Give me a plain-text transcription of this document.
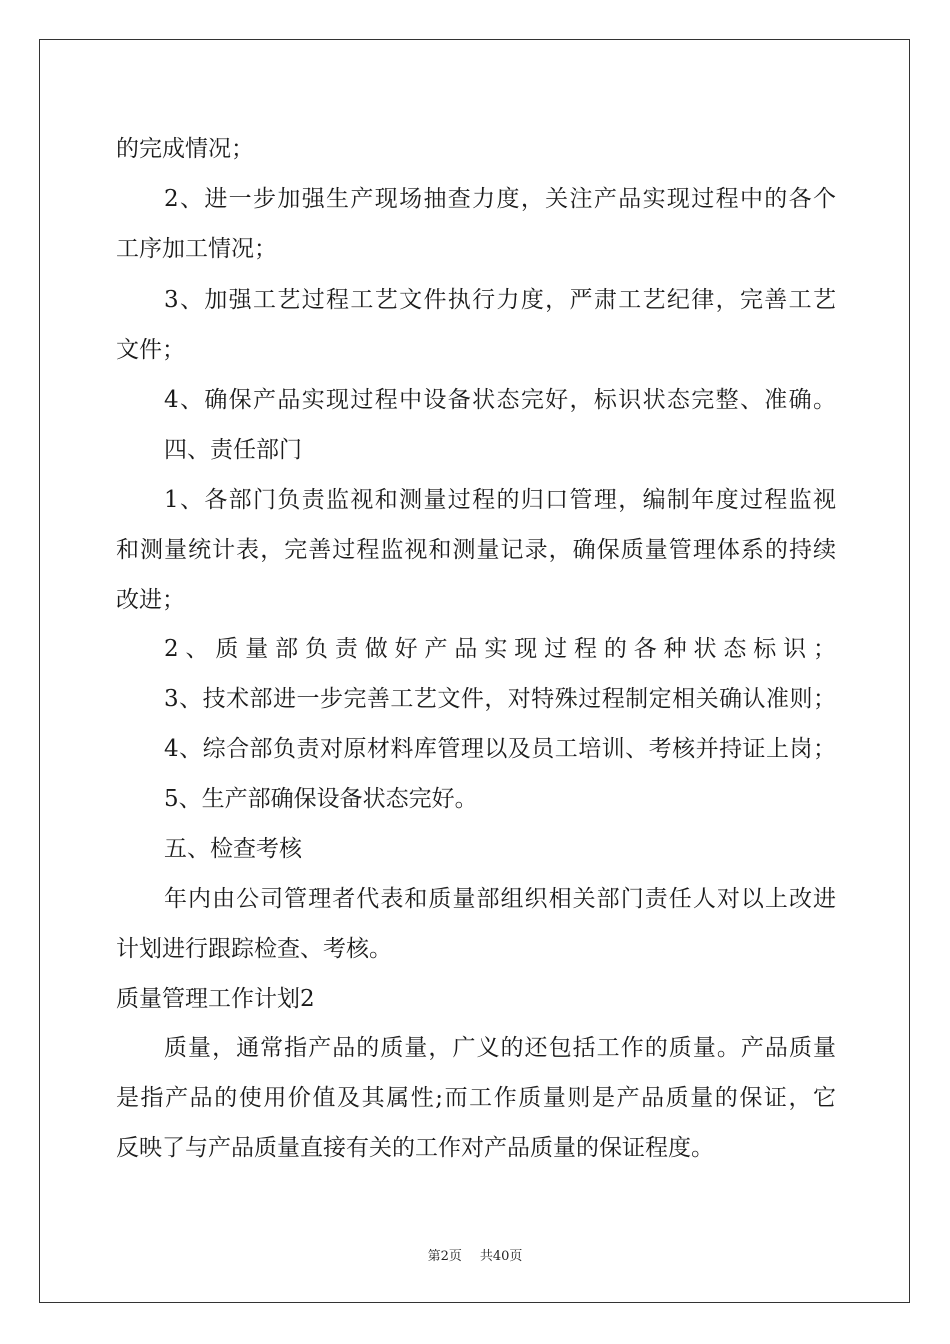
的完成情况；

2、进一步加强生产现场抽查力度，关注产品实现过程中的各个

工序加工情况；

3、加强工艺过程工艺文件执行力度，严肃工艺纪律，完善工艺

文件；

4、确保产品实现过程中设备状态完好，标识状态完整、准确。

四、责任部门

1、各部门负责监视和测量过程的归口管理，编制年度过程监视

和测量统计表，完善过程监视和测量记录，确保质量管理体系的持续

改进；

2、质量部负责做好产品实现过程的各种状态标识；

3、技术部进一步完善工艺文件，对特殊过程制定相关确认准则；

4、综合部负责对原材料库管理以及员工培训、考核并持证上岗；

5、生产部确保设备状态完好。

五、检查考核

年内由公司管理者代表和质量部组织相关部门责任人对以上改进

计划进行跟踪检查、考核。

质量管理工作计划2

质量，通常指产品的质量，广义的还包括工作的质量。产品质量

是指产品的使用价值及其属性;而工作质量则是产品质量的保证，它

反映了与产品质量直接有关的工作对产品质量的保证程度。

第2页 共40页
